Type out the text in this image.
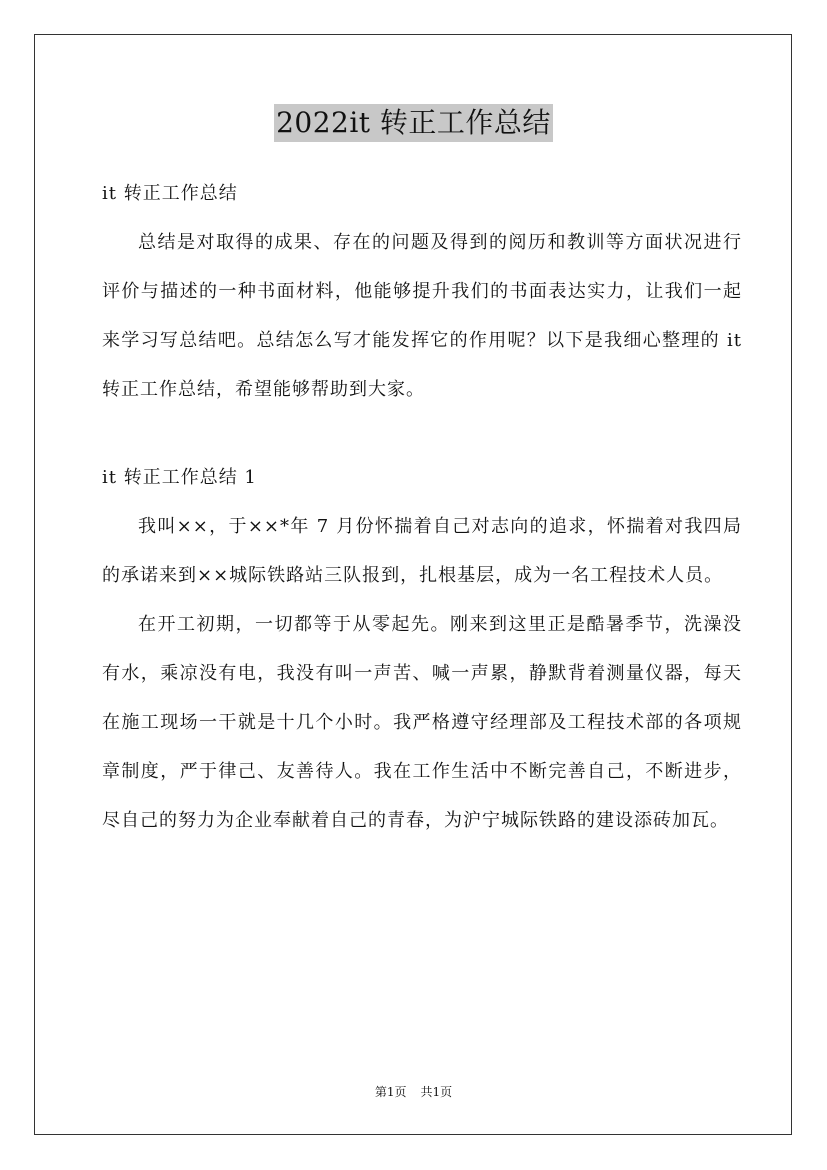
2022it 转正工作总结

it 转正工作总结

总结是对取得的成果、存在的问题及得到的阅历和教训等方面状况进行评价与描述的一种书面材料，他能够提升我们的书面表达实力，让我们一起来学习写总结吧。总结怎么写才能发挥它的作用呢？以下是我细心整理的 it 转正工作总结，希望能够帮助到大家。

it 转正工作总结 1

我叫××，于××*年 7 月份怀揣着自己对志向的追求，怀揣着对我四局的承诺来到××城际铁路站三队报到，扎根基层，成为一名工程技术人员。

在开工初期，一切都等于从零起先。刚来到这里正是酷暑季节，洗澡没有水，乘凉没有电，我没有叫一声苦、喊一声累，静默背着测量仪器，每天在施工现场一干就是十几个小时。我严格遵守经理部及工程技术部的各项规章制度，严于律己、友善待人。我在工作生活中不断完善自己，不断进步，尽自己的努力为企业奉献着自己的青春，为沪宁城际铁路的建设添砖加瓦。

第1页 共1页
